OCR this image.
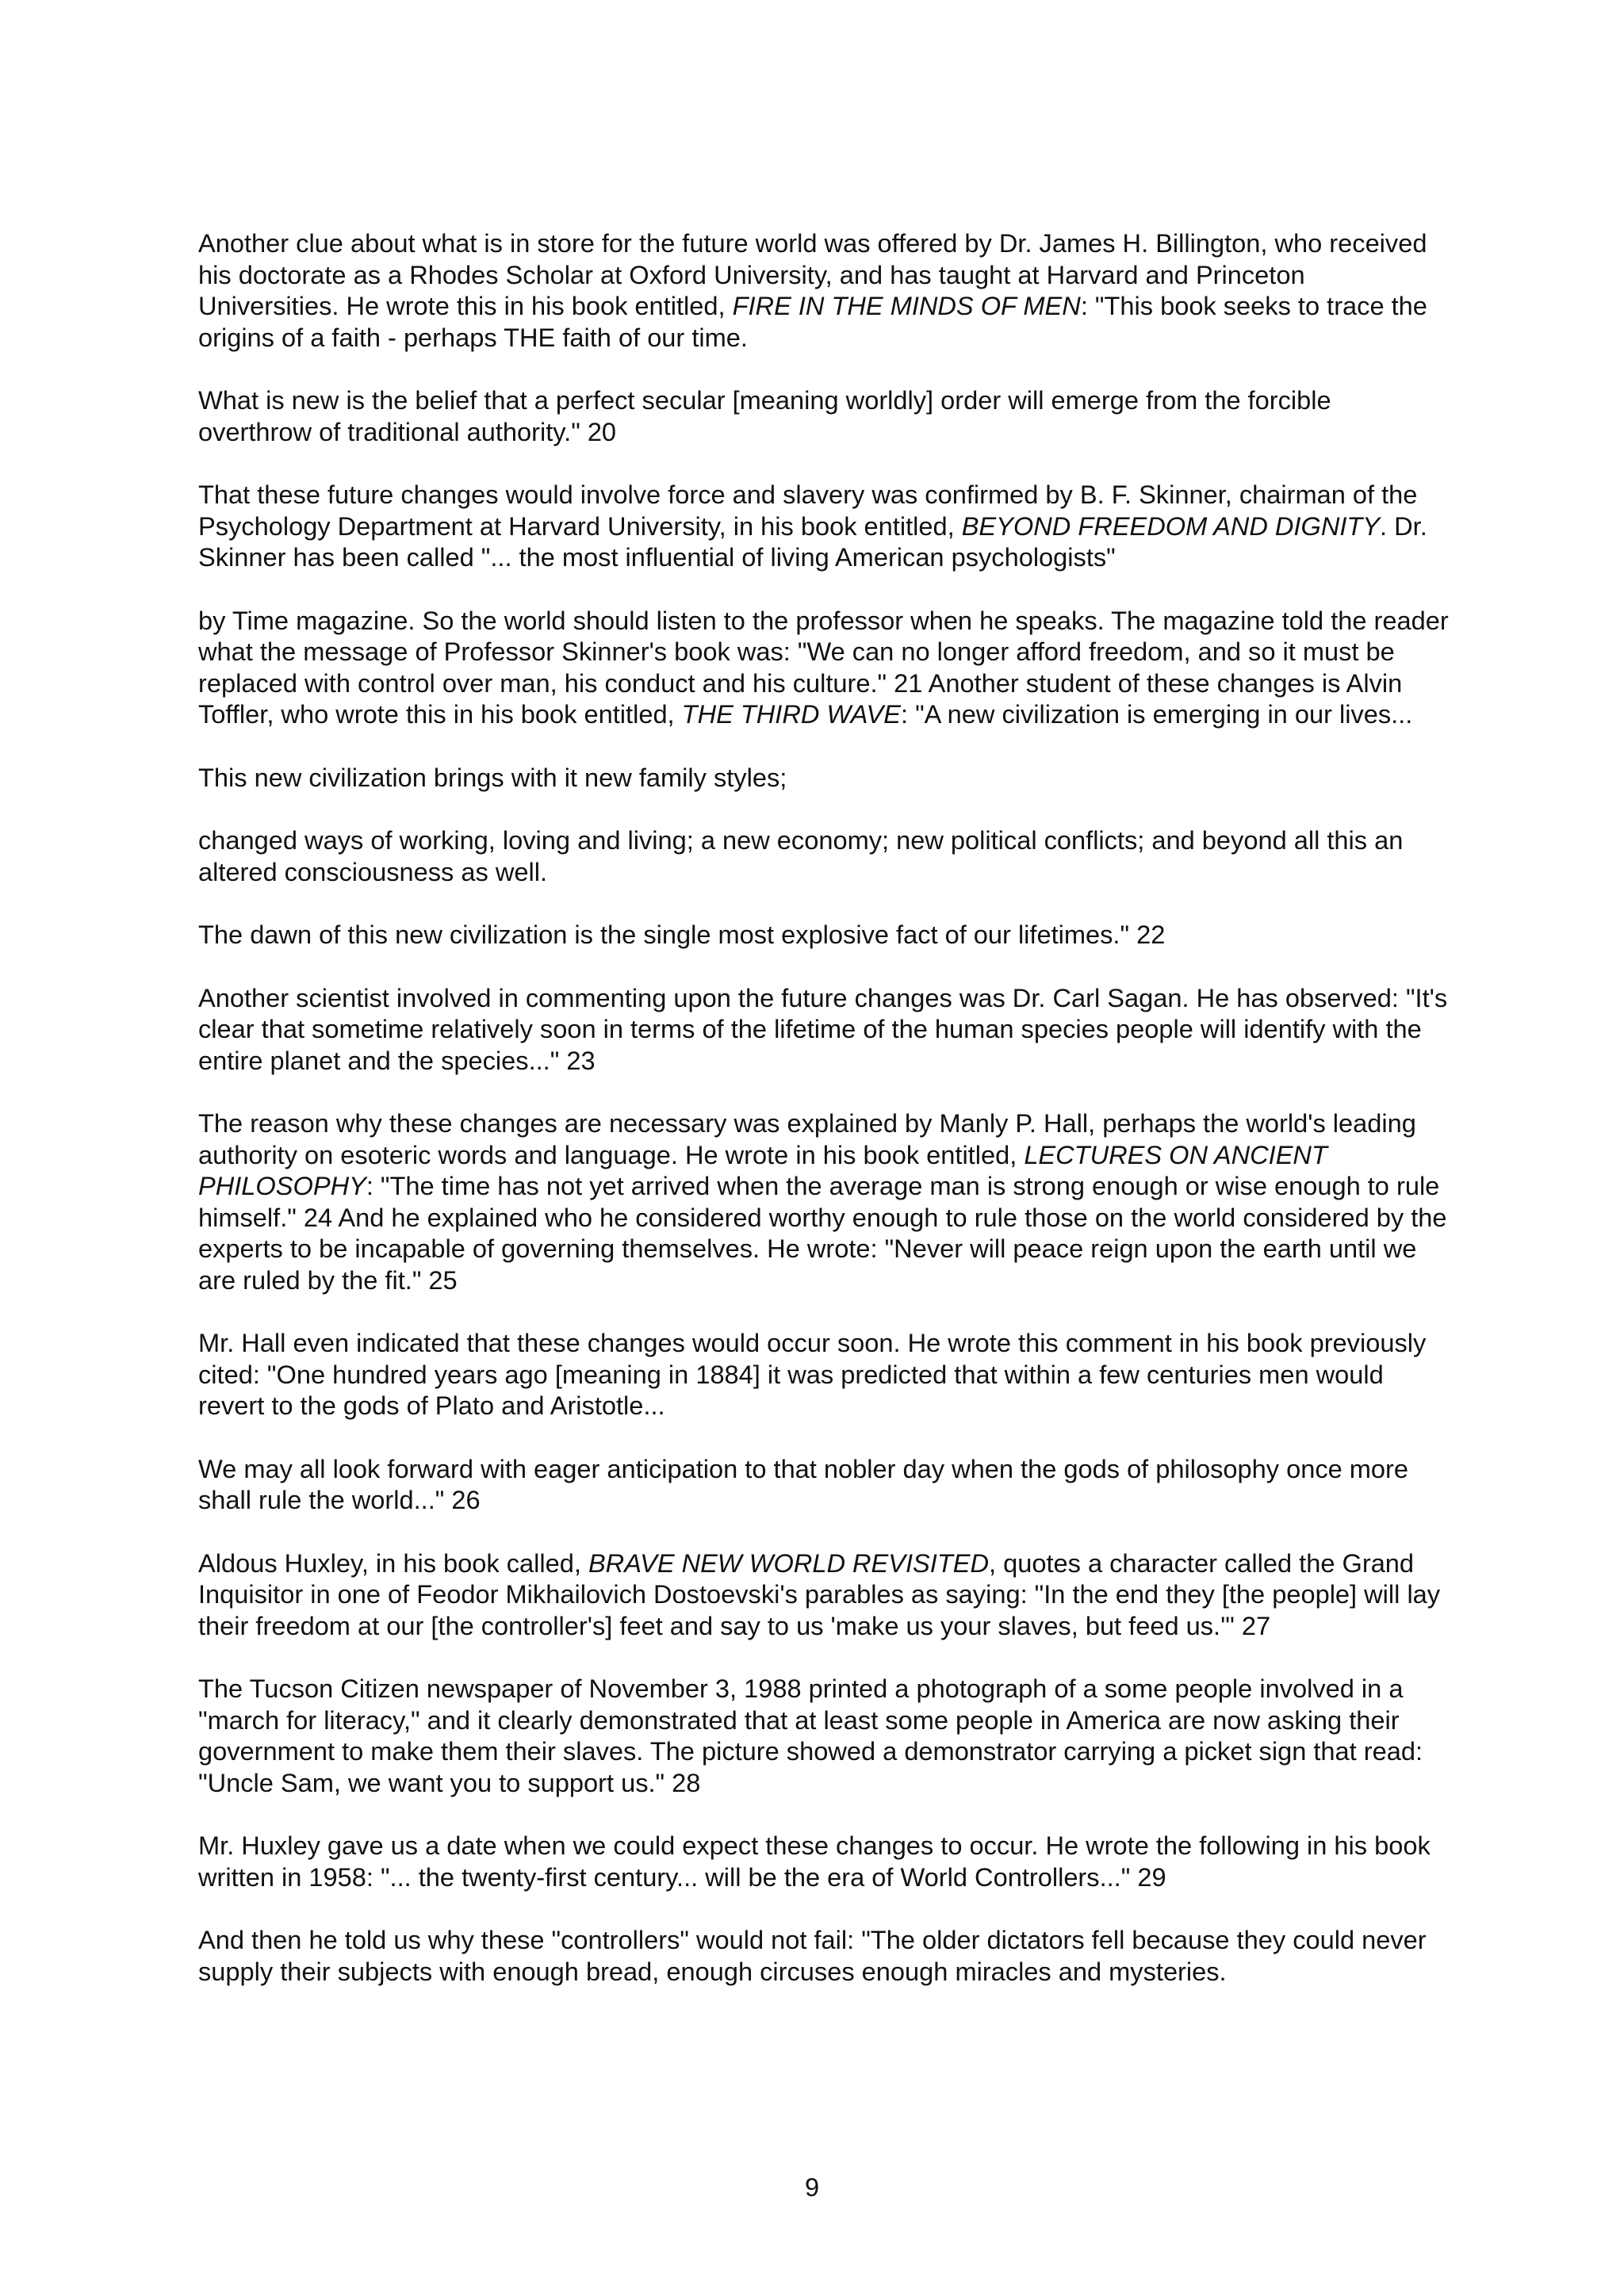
Another clue about what is in store for the future world was offered by Dr. James H. Billington, who received his doctorate as a Rhodes Scholar at Oxford University, and has taught at Harvard and Princeton Universities. He wrote this in his book entitled, FIRE IN THE MINDS OF MEN: "This book seeks to trace the origins of a faith - perhaps THE faith of our time.

What is new is the belief that a perfect secular [meaning worldly] order will emerge from the forcible overthrow of traditional authority." 20

That these future changes would involve force and slavery was confirmed by B. F. Skinner, chairman of the Psychology Department at Harvard University, in his book entitled, BEYOND FREEDOM AND DIGNITY. Dr. Skinner has been called "... the most influential of living American psychologists"

by Time magazine. So the world should listen to the professor when he speaks. The magazine told the reader what the message of Professor Skinner's book was: "We can no longer afford freedom, and so it must be replaced with control over man, his conduct and his culture." 21 Another student of these changes is Alvin Toffler, who wrote this in his book entitled, THE THIRD WAVE: "A new civilization is emerging in our lives...

This new civilization brings with it new family styles;

changed ways of working, loving and living; a new economy; new political conflicts; and beyond all this an altered consciousness as well.

The dawn of this new civilization is the single most explosive fact of our lifetimes." 22

Another scientist involved in commenting upon the future changes was Dr. Carl Sagan. He has observed: "It's clear that sometime relatively soon in terms of the lifetime of the human species people will identify with the entire planet and the species..." 23

The reason why these changes are necessary was explained by Manly P. Hall, perhaps the world's leading authority on esoteric words and language. He wrote in his book entitled, LECTURES ON ANCIENT PHILOSOPHY: "The time has not yet arrived when the average man is strong enough or wise enough to rule himself." 24 And he explained who he considered worthy enough to rule those on the world considered by the experts to be incapable of governing themselves. He wrote: "Never will peace reign upon the earth until we are ruled by the fit." 25

Mr. Hall even indicated that these changes would occur soon. He wrote this comment in his book previously cited: "One hundred years ago [meaning in 1884] it was predicted that within a few centuries men would revert to the gods of Plato and Aristotle...

We may all look forward with eager anticipation to that nobler day when the gods of philosophy once more shall rule the world..." 26

Aldous Huxley, in his book called, BRAVE NEW WORLD REVISITED, quotes a character called the Grand Inquisitor in one of Feodor Mikhailovich Dostoevski's parables as saying: "In the end they [the people] will lay their freedom at our [the controller's] feet and say to us 'make us your slaves, but feed us.'" 27

The Tucson Citizen newspaper of November 3, 1988 printed a photograph of a some people involved in a "march for literacy," and it clearly demonstrated that at least some people in America are now asking their government to make them their slaves. The picture showed a demonstrator carrying a picket sign that read: "Uncle Sam, we want you to support us." 28

Mr. Huxley gave us a date when we could expect these changes to occur. He wrote the following in his book written in 1958: "... the twenty-first century... will be the era of World Controllers..." 29

And then he told us why these "controllers" would not fail: "The older dictators fell because they could never supply their subjects with enough bread, enough circuses enough miracles and mysteries.

9
